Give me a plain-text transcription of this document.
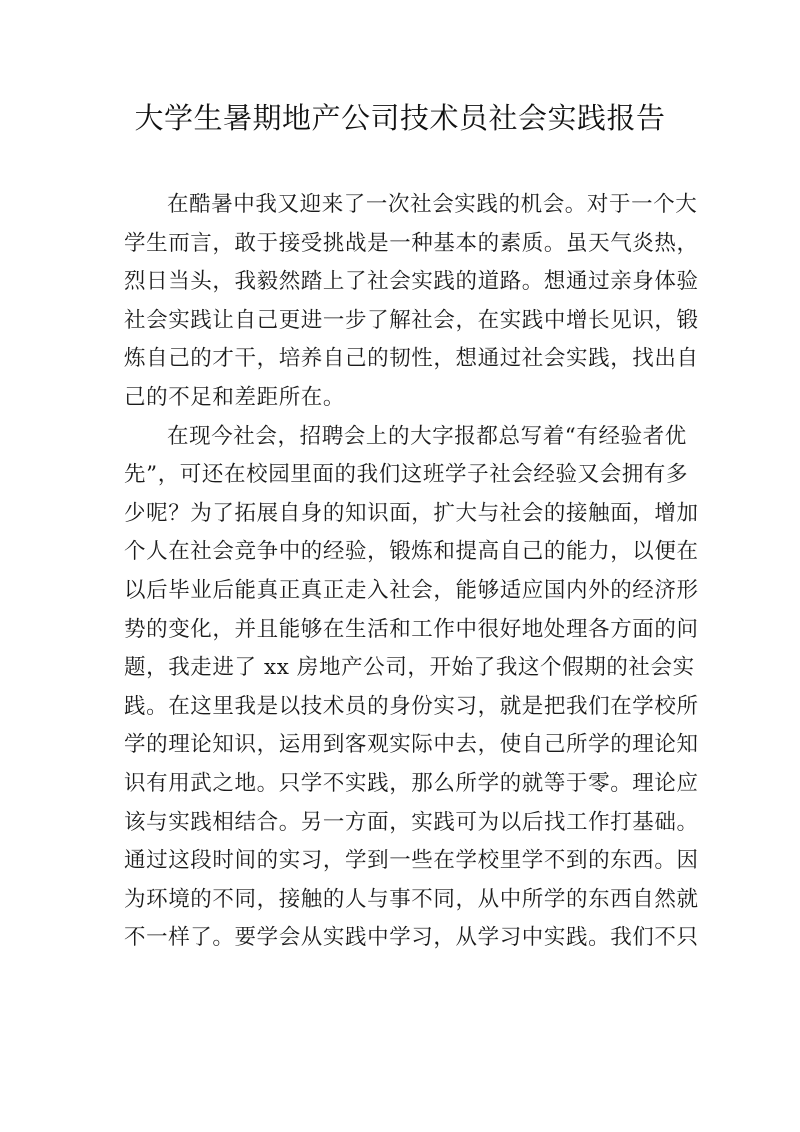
大学生暑期地产公司技术员社会实践报告
在酷暑中我又迎来了一次社会实践的机会。对于一个大
学生而言，敢于接受挑战是一种基本的素质。虽天气炎热，
烈日当头，我毅然踏上了社会实践的道路。想通过亲身体验
社会实践让自己更进一步了解社会，在实践中增长见识，锻
炼自己的才干，培养自己的韧性，想通过社会实践，找出自
己的不足和差距所在。
在现今社会，招聘会上的大字报都总写着“有经验者优
先”，可还在校园里面的我们这班学子社会经验又会拥有多
少呢？为了拓展自身的知识面，扩大与社会的接触面，增加
个人在社会竞争中的经验，锻炼和提高自己的能力，以便在
以后毕业后能真正真正走入社会，能够适应国内外的经济形
势的变化，并且能够在生活和工作中很好地处理各方面的问
题，我走进了 xx 房地产公司，开始了我这个假期的社会实
践。在这里我是以技术员的身份实习，就是把我们在学校所
学的理论知识，运用到客观实际中去，使自己所学的理论知
识有用武之地。只学不实践，那么所学的就等于零。理论应
该与实践相结合。另一方面，实践可为以后找工作打基础。
通过这段时间的实习，学到一些在学校里学不到的东西。因
为环境的不同，接触的人与事不同，从中所学的东西自然就
不一样了。要学会从实践中学习，从学习中实践。我们不只
